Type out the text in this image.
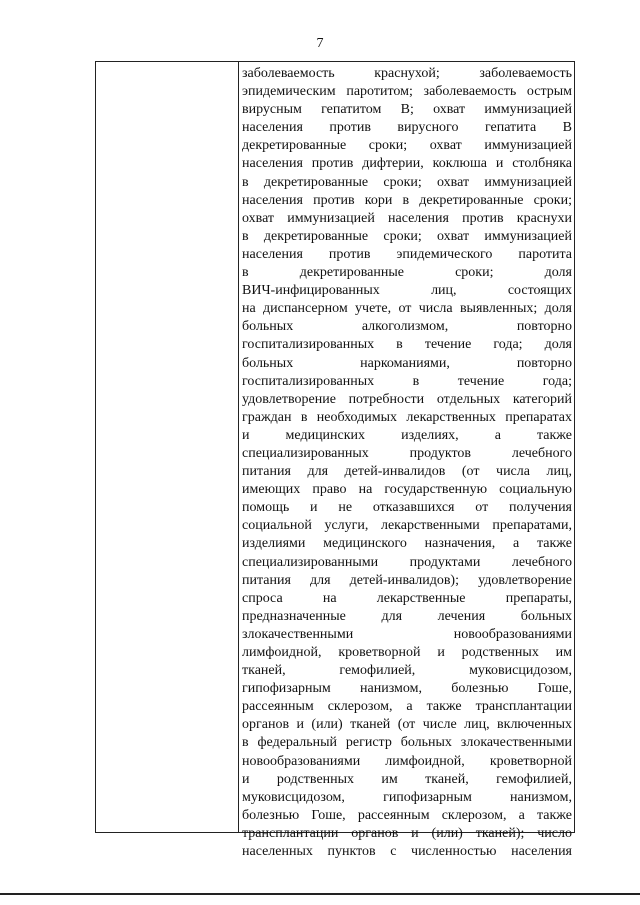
7
заболеваемость краснухой; заболеваемость
эпидемическим паротитом; заболеваемость острым
вирусным гепатитом B; охват иммунизацией
населения против вирусного гепатита B
декретированные сроки; охват иммунизацией
населения против дифтерии, коклюша и столбняка
в декретированные сроки; охват иммунизацией
населения против кори в декретированные сроки;
охват иммунизацией населения против краснухи
в декретированные сроки; охват иммунизацией
населения против эпидемического паротита
в декретированные сроки; доля
ВИЧ-инфицированных лиц, состоящих
на диспансерном учете, от числа выявленных; доля
больных алкоголизмом, повторно
госпитализированных в течение года; доля
больных наркоманиями, повторно
госпитализированных в течение года;
удовлетворение потребности отдельных категорий
граждан в необходимых лекарственных препаратах
и медицинских изделиях, а также
специализированных продуктов лечебного
питания для детей-инвалидов (от числа лиц,
имеющих право на государственную социальную
помощь и не отказавшихся от получения
социальной услуги, лекарственными препаратами,
изделиями медицинского назначения, а также
специализированными продуктами лечебного
питания для детей-инвалидов); удовлетворение
спроса на лекарственные препараты,
предназначенные для лечения больных
злокачественными новообразованиями
лимфоидной, кроветворной и родственных им
тканей, гемофилией, муковисцидозом,
гипофизарным нанизмом, болезнью Гоше,
рассеянным склерозом, а также трансплантации
органов и (или) тканей (от числе лиц, включенных
в федеральный регистр больных злокачественными
новообразованиями лимфоидной, кроветворной
и родственных им тканей, гемофилией,
муковисцидозом, гипофизарным нанизмом,
болезнью Гоше, рассеянным склерозом, а также
трансплантации органов и (или) тканей); число
населенных пунктов с численностью населения
